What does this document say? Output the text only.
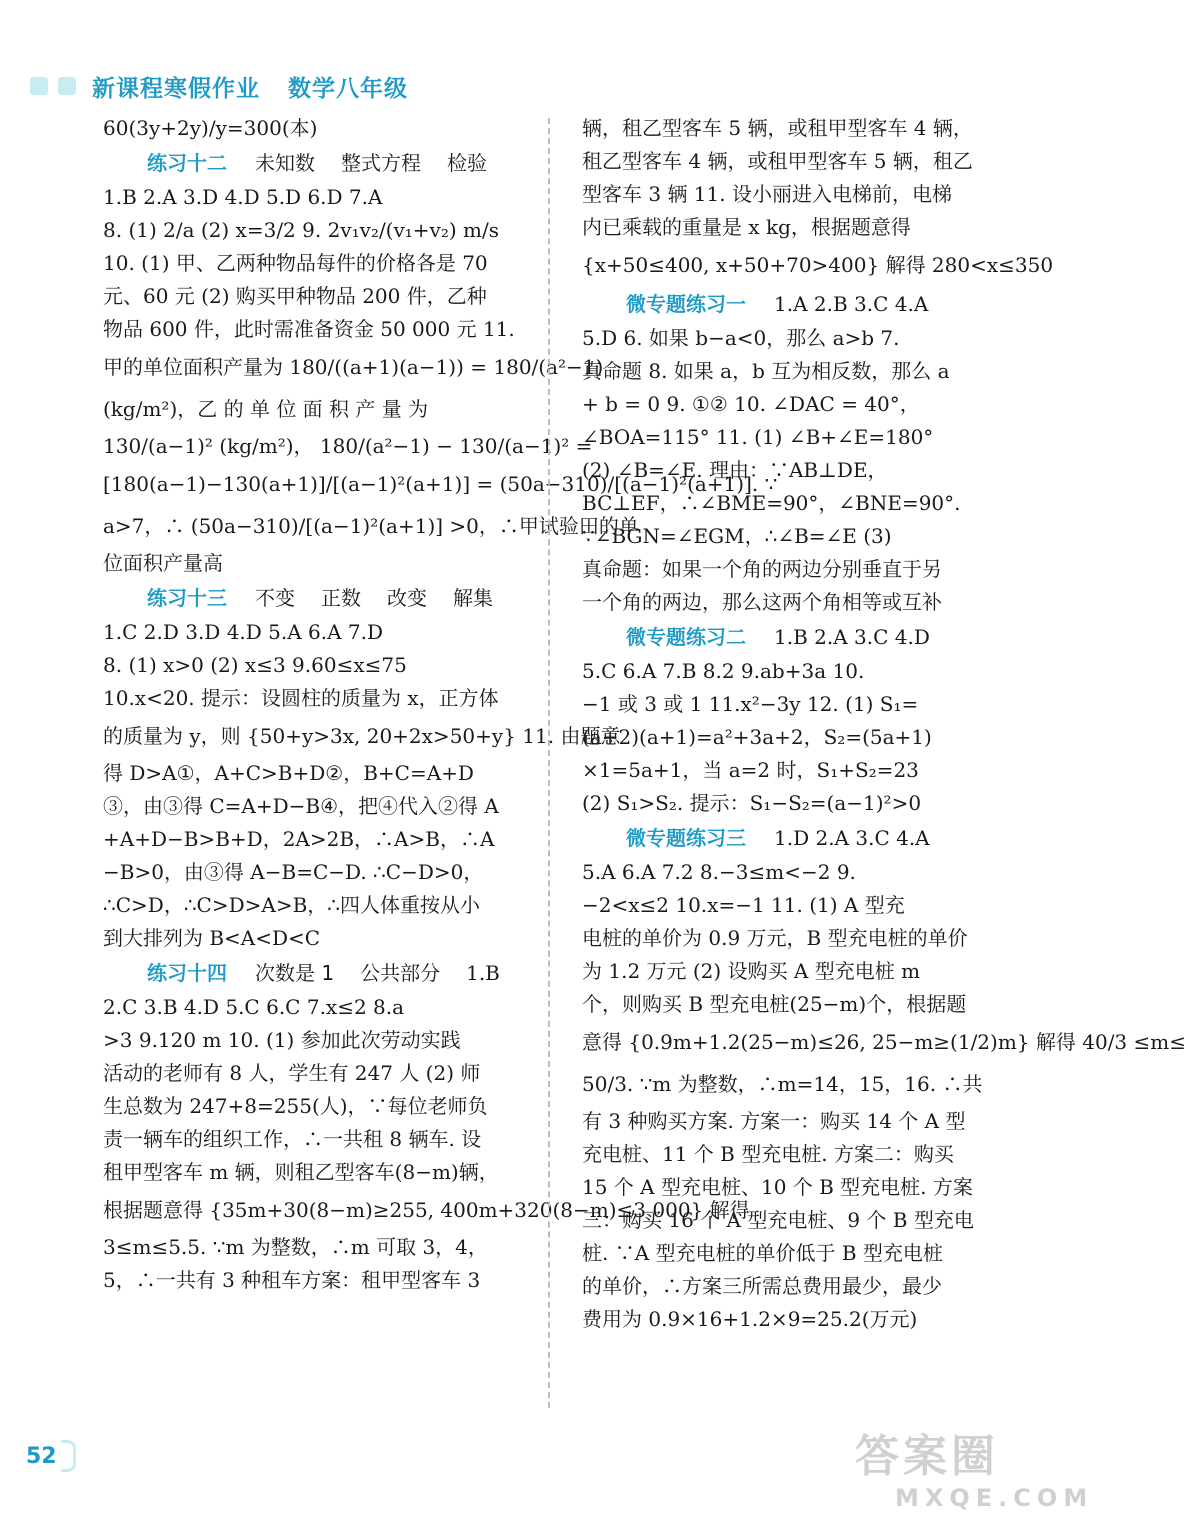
新课程寒假作业 数学八年级
60(3y+2y)/y=300(本)
练习十二 未知数 整式方程 检验
1.B 2.A 3.D 4.D 5.D 6.D 7.A
8. (1) 2/a (2) x=3/2 9. 2v₁v₂/(v₁+v₂) m/s
10. (1) 甲、乙两种物品每件的价格各是 70
元、60 元 (2) 购买甲种物品 200 件，乙种
物品 600 件，此时需准备资金 50 000 元 11.
甲的单位面积产量为 180/((a+1)(a−1)) = 180/(a²−1)
(kg/m²)，乙 的 单 位 面 积 产 量 为
130/(a−1)² (kg/m²)， 180/(a²−1) − 130/(a−1)² =
[180(a−1)−130(a+1)]/[(a−1)²(a+1)] = (50a−310)/[(a−1)²(a+1)]. ∵
a>7，∴ (50a−310)/[(a−1)²(a+1)] >0，∴甲试验田的单
位面积产量高
练习十三 不变 正数 改变 解集
1.C 2.D 3.D 4.D 5.A 6.A 7.D
8. (1) x>0 (2) x≤3 9.60≤x≤75
10.x<20. 提示：设圆柱的质量为 x，正方体
的质量为 y，则 {50+y>3x, 20+2x>50+y} 11. 由题意
得 D>A①，A+C>B+D②，B+C=A+D
③，由③得 C=A+D−B④，把④代入②得 A
+A+D−B>B+D，2A>2B，∴A>B，∴A
−B>0，由③得 A−B=C−D. ∴C−D>0，
∴C>D，∴C>D>A>B，∴四人体重按从小
到大排列为 B<A<D<C
练习十四 次数是 1 公共部分 1.B
2.C 3.B 4.D 5.C 6.C 7.x≤2 8.a
>3 9.120 m 10. (1) 参加此次劳动实践
活动的老师有 8 人，学生有 247 人 (2) 师
生总数为 247+8=255(人)，∵每位老师负
责一辆车的组织工作，∴一共租 8 辆车. 设
租甲型客车 m 辆，则租乙型客车(8−m)辆，
根据题意得 {35m+30(8−m)≥255, 400m+320(8−m)≤3 000} 解得
3≤m≤5.5. ∵m 为整数，∴m 可取 3，4，
5，∴一共有 3 种租车方案：租甲型客车 3
辆，租乙型客车 5 辆，或租甲型客车 4 辆，
租乙型客车 4 辆，或租甲型客车 5 辆，租乙
型客车 3 辆 11. 设小丽进入电梯前，电梯
内已乘载的重量是 x kg，根据题意得
{x+50≤400, x+50+70>400} 解得 280<x≤350
微专题练习一 1.A 2.B 3.C 4.A
5.D 6. 如果 b−a<0，那么 a>b 7.
真命题 8. 如果 a，b 互为相反数，那么 a
+ b = 0 9. ①② 10. ∠DAC = 40°，
∠BOA=115° 11. (1) ∠B+∠E=180°
(2) ∠B=∠E. 理由：∵AB⊥DE，
BC⊥EF，∴∠BME=90°，∠BNE=90°.
∵∠BGN=∠EGM，∴∠B=∠E (3)
真命题：如果一个角的两边分别垂直于另
一个角的两边，那么这两个角相等或互补
微专题练习二 1.B 2.A 3.C 4.D
5.C 6.A 7.B 8.2 9.ab+3a 10.
−1 或 3 或 1 11.x²−3y 12. (1) S₁=
(a+2)(a+1)=a²+3a+2，S₂=(5a+1)
×1=5a+1，当 a=2 时，S₁+S₂=23
(2) S₁>S₂. 提示：S₁−S₂=(a−1)²>0
微专题练习三 1.D 2.A 3.C 4.A
5.A 6.A 7.2 8.−3≤m<−2 9.
−2<x≤2 10.x=−1 11. (1) A 型充
电桩的单价为 0.9 万元，B 型充电桩的单价
为 1.2 万元 (2) 设购买 A 型充电桩 m
个，则购买 B 型充电桩(25−m)个，根据题
意得 {0.9m+1.2(25−m)≤26, 25−m≥(1/2)m} 解得 40/3 ≤m≤
50/3. ∵m 为整数，∴m=14，15，16. ∴共
有 3 种购买方案. 方案一：购买 14 个 A 型
充电桩、11 个 B 型充电桩. 方案二：购买
15 个 A 型充电桩、10 个 B 型充电桩. 方案
三：购买 16 个 A 型充电桩、9 个 B 型充电
桩. ∵A 型充电桩的单价低于 B 型充电桩
的单价，∴方案三所需总费用最少，最少
费用为 0.9×16+1.2×9=25.2(万元)
52	答案圈
MXQE.COM
